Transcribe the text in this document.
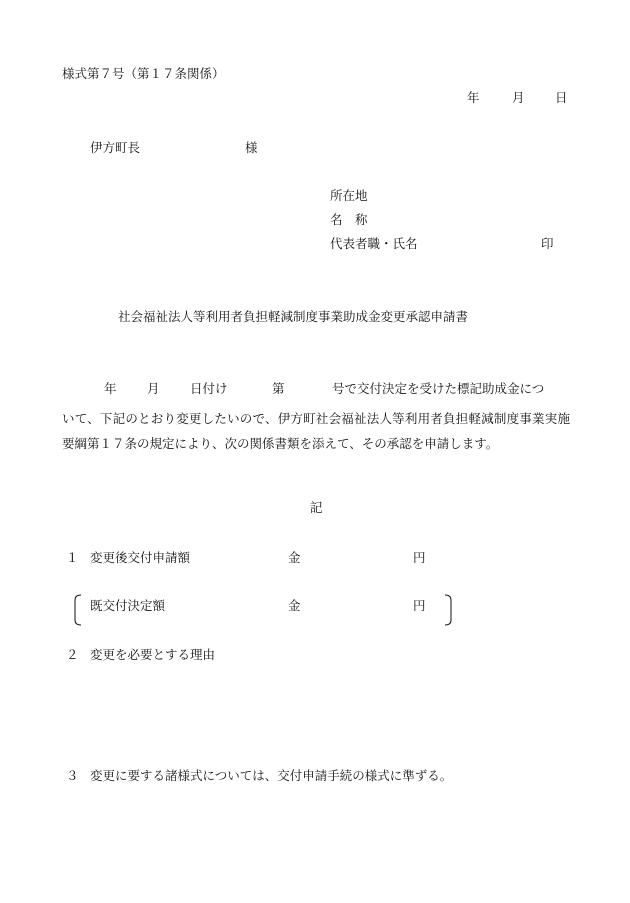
様式第７号（第１７条関係）
年	月 日
伊方町長	様
所在地
名　称
代表者職・氏名	印
社会福祉法人等利用者負担軽減制度事業助成金変更承認申請書
年 月 日付け	第	号で交付決定を受けた標記助成金につ
いて、下記のとおり変更したいので、伊方町社会福祉法人等利用者負担軽減制度事業実施要綱第１７条の規定により、次の関係書類を添えて、その承認を申請します。
記
１ 変更後交付申請額	金	円
既交付決定額	金	円
２ 変更を必要とする理由
３ 変更に要する諸様式については、交付申請手続の様式に準ずる。
